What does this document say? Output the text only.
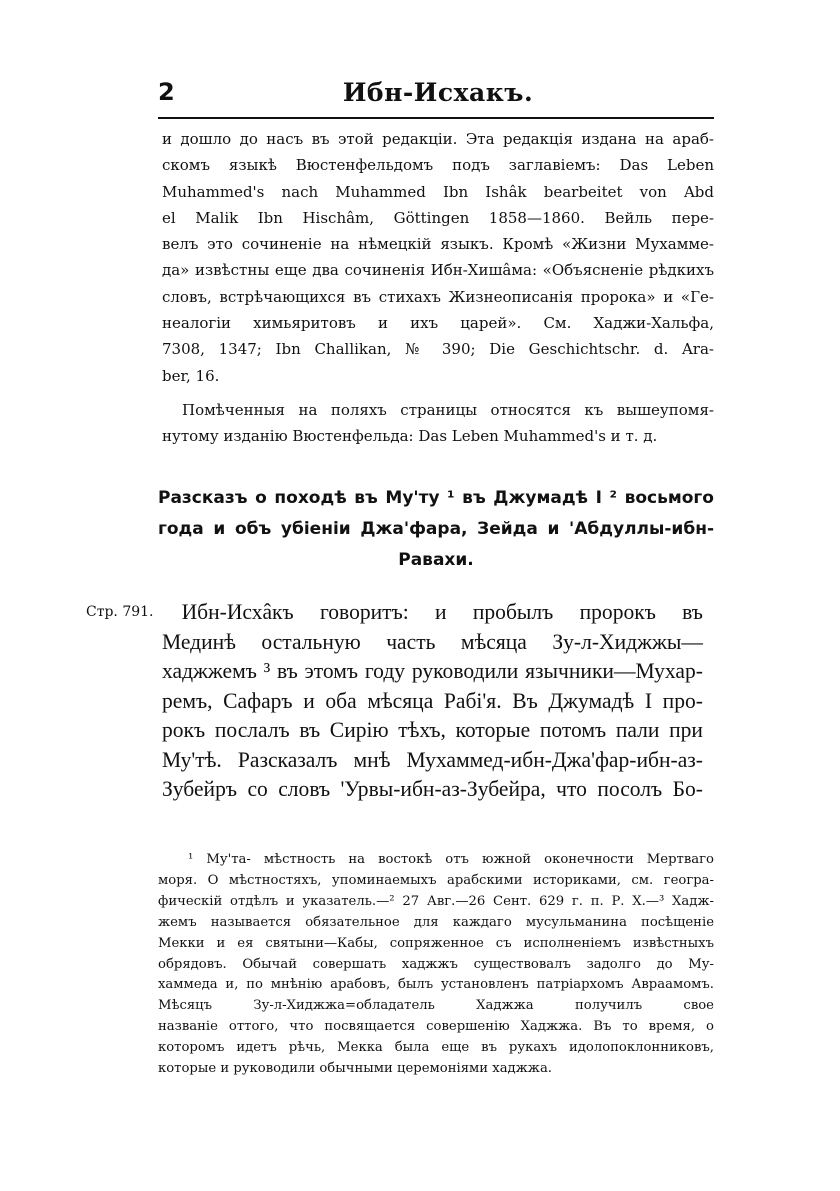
2	Ибн-Исхакъ.
и дошло до насъ въ этой редакціи. Эта редакція издана на араб-
скомъ языкѣ Вюстенфельдомъ подъ заглавіемъ: Das Leben
Muhammed's nach Muhammed Ibn Ishâk bearbeitet von Abd
el Malik Ibn Hischâm, Göttingen 1858—1860. Вейль пере-
велъ это сочиненіе на нѣмецкій языкъ. Кромѣ «Жизни Мухамме-
да» извѣстны еще два сочиненія Ибн-Хишâма: «Объясненіе рѣдкихъ
словъ, встрѣчающихся въ стихахъ Жизнеописанія пророка» и «Ге-
неалогіи химьяритовъ и ихъ царей». См. Хаджи-Хальфа,
7308, 1347; Ibn Challikan, № 390; Die Geschichtschr. d. Ara-
ber, 16.
Помѣченныя на поляхъ страницы относятся къ вышеупомя-
нутому изданію Вюстенфельда: Das Leben Muhammed's и т. д.
Разсказъ о походѣ въ Му'ту ¹ въ Джумадѣ I ² восьмого
года и объ убіеніи Джа'фара, Зейда и 'Абдуллы-ибн-
Равахи.
Стр. 791.	Ибн-Исхâкъ говоритъ: и пробылъ пророкъ въ
Мединѣ остальную часть мѣсяца Зу-л-Хиджжы—
хаджжемъ ³ въ этомъ году руководили язычники—Мухар-
ремъ, Сафаръ и оба мѣсяца Рабі'я. Въ Джумадѣ I про-
рокъ послалъ въ Сирію тѣхъ, которые потомъ пали при
Му'тѣ. Разсказалъ мнѣ Мухаммед-ибн-Джа'фар-ибн-аз-
Зубейръ со словъ 'Урвы-ибн-аз-Зубейра, что посолъ Бо-
¹ Му'та- мѣстность на востокѣ отъ южной оконечности Мертваго
моря. О мѣстностяхъ, упоминаемыхъ арабскими историками, см. геогра-
фическій отдѣлъ и указатель.—² 27 Авг.—26 Сент. 629 г. п. Р. Х.—³ Хадж-
жемъ называется обязательное для каждаго мусульманина посѣщеніе
Мекки и ея святыни—Кабы, сопряженное съ исполненіемъ извѣстныхъ
обрядовъ. Обычай совершать хаджжъ существовалъ задолго до Му-
хаммеда и, по мнѣнію арабовъ, былъ установленъ патріархомъ Авраамомъ.
Мѣсяцъ Зу-л-Хиджжа=обладатель Хаджжа получилъ свое
названіе оттого, что посвящается совершенію Хаджжа. Въ то время, о
которомъ идетъ рѣчь, Мекка была еще въ рукахъ идолопоклонниковъ,
которые и руководили обычными церемоніями хаджжа.
